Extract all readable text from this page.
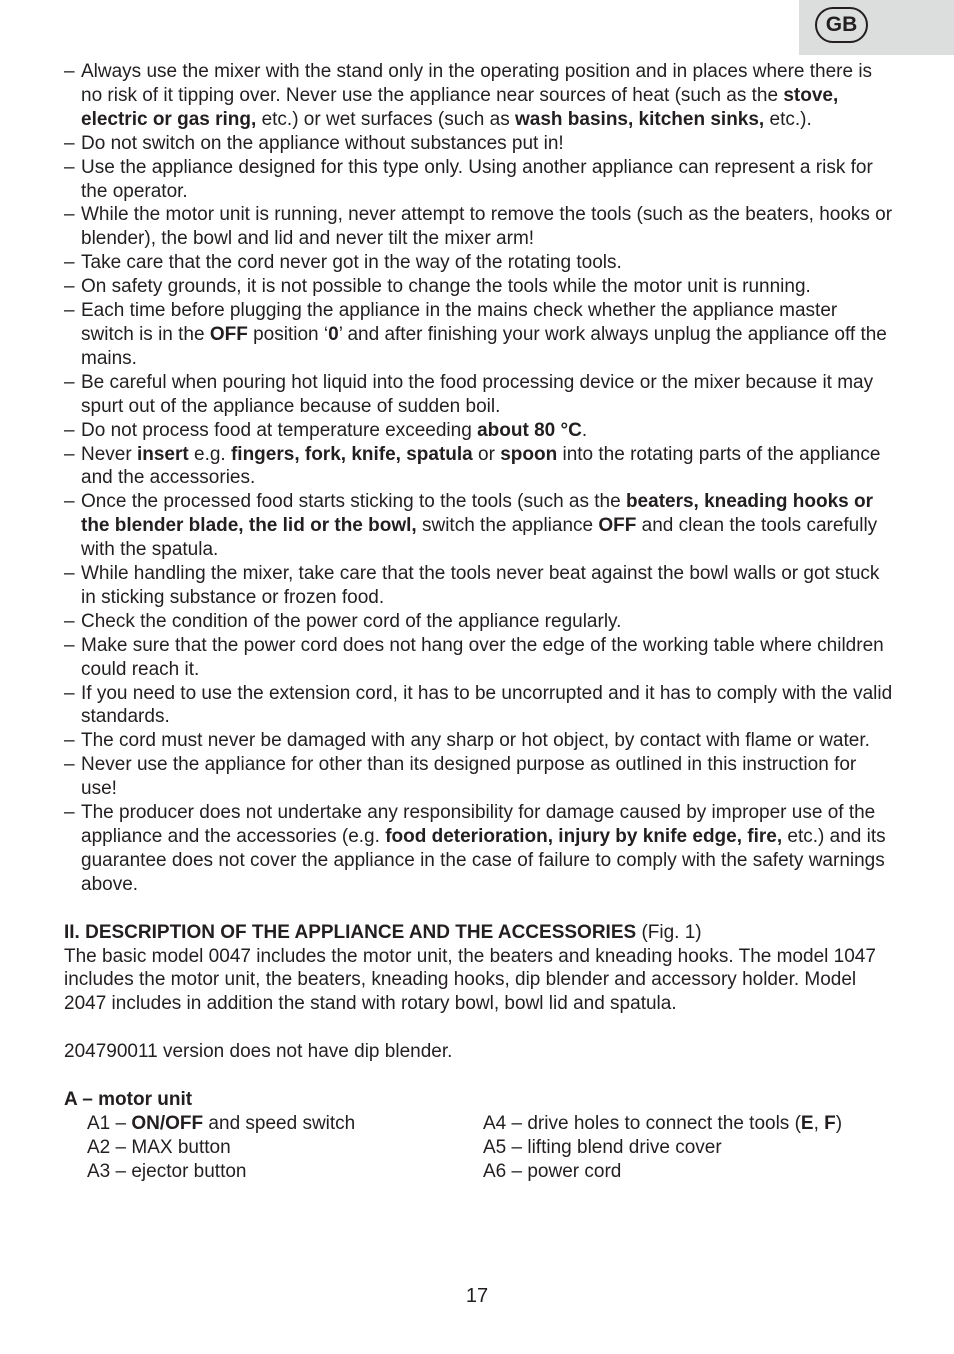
GB
– Always use the mixer with the stand only in the operating position and in places where there is no risk of it tipping over. Never use the appliance near sources of heat (such as the stove, electric or gas ring, etc.) or wet surfaces (such as wash basins, kitchen sinks, etc.).
– Do not switch on the appliance without substances put in!
– Use the appliance designed for this type only. Using another appliance can represent a risk for the operator.
– While the motor unit is running, never attempt to remove the tools (such as the beaters, hooks or blender), the bowl and lid and never tilt the mixer arm!
– Take care that the cord never got in the way of the rotating tools.
– On safety grounds, it is not possible to change the tools while the motor unit is running.
– Each time before plugging the appliance in the mains check whether the appliance master switch is in the OFF position ‘0’ and after finishing your work always unplug the appliance off the mains.
– Be careful when pouring hot liquid into the food processing device or the mixer because it may spurt out of the appliance because of sudden boil.
– Do not process food at temperature exceeding about 80 °C.
– Never insert e.g. fingers, fork, knife, spatula or spoon into the rotating parts of the appliance and the accessories.
– Once the processed food starts sticking to the tools (such as the beaters, kneading hooks or the blender blade, the lid or the bowl, switch the appliance OFF and clean the tools carefully with the spatula.
– While handling the mixer, take care that the tools never beat against the bowl walls or got stuck in sticking substance or frozen food.
– Check the condition of the power cord of the appliance regularly.
– Make sure that the power cord does not hang over the edge of the working table where children could reach it.
– If you need to use the extension cord, it has to be uncorrupted and it has to comply with the valid standards.
– The cord must never be damaged with any sharp or hot object, by contact with flame or water.
– Never use the appliance for other than its designed purpose as outlined in this instruction for use!
– The producer does not undertake any responsibility for damage caused by improper use of the appliance and the accessories (e.g. food deterioration, injury by knife edge, fire, etc.) and its guarantee does not cover the appliance in the case of failure to comply with the safety warnings above.

II. DESCRIPTION OF THE APPLIANCE AND THE ACCESSORIES (Fig. 1)

The basic model 0047 includes the motor unit, the beaters and kneading hooks. The model 1047 includes the motor unit, the beaters, kneading hooks, dip blender and accessory holder. Model 2047 includes in addition the stand with rotary bowl, bowl lid and spatula.

204790011 version does not have dip blender.

A – motor unit

A1 – ON/OFF and speed switch	A4 – drive holes to connect the tools (E, F)
A2 – MAX button	A5 – lifting blend drive cover
A3 – ejector button	A6 – power cord
17
